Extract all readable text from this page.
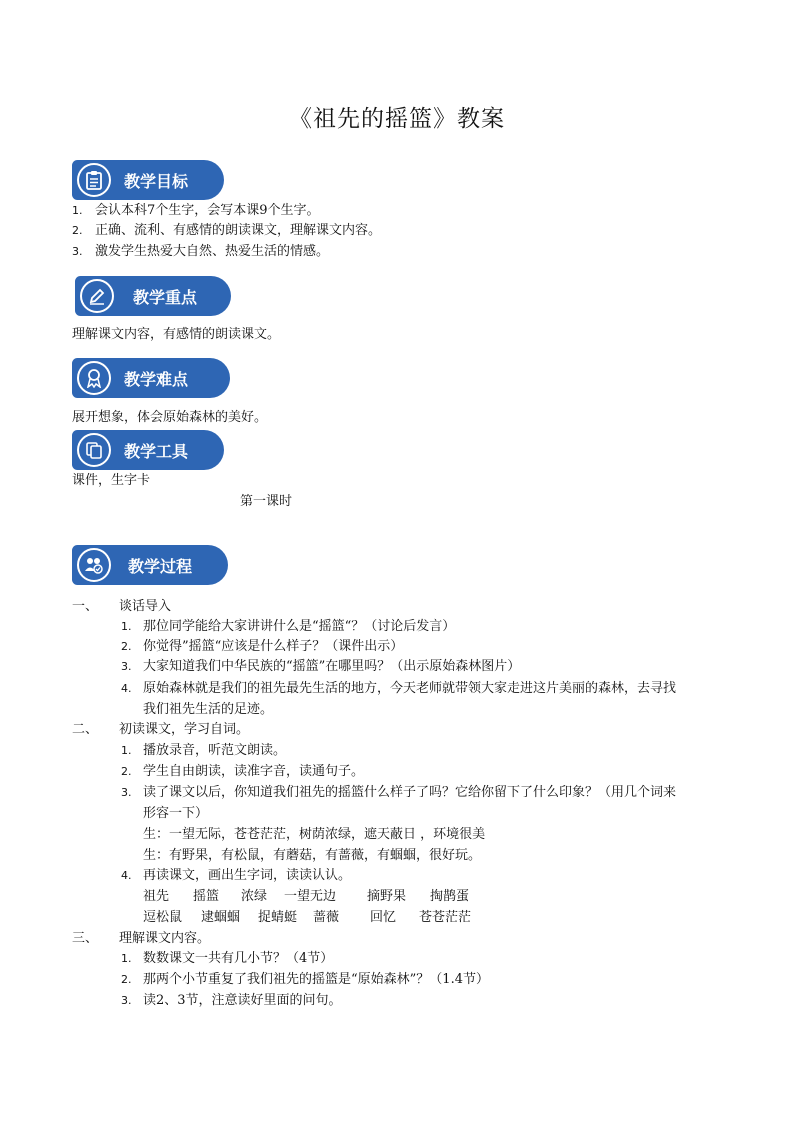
《祖先的摇篮》教案
教学目标
1. 会认本科7个生字，会写本课9个生字。
2. 正确、流利、有感情的朗读课文，理解课文内容。
3. 激发学生热爱大自然、热爱生活的情感。
教学重点
理解课文内容，有感情的朗读课文。
教学难点
展开想象，体会原始森林的美好。
教学工具
课件，生字卡
第一课时
教学过程
一、 谈话导入
1. 那位同学能给大家讲讲什么是“摇篮“？（讨论后发言）
2. 你觉得”摇篮“应该是什么样子？（课件出示）
3. 大家知道我们中华民族的“摇篮”在哪里吗？（出示原始森林图片）
4. 原始森林就是我们的祖先最先生活的地方，今天老师就带领大家走进这片美丽的森林，去寻找
我们祖先生活的足迹。
二、 初读课文，学习自词。
1. 播放录音，听范文朗读。
2. 学生自由朗读，读准字音，读通句子。
3. 读了课文以后，你知道我们祖先的摇篮什么样子了吗？它给你留下了什么印象？（用几个词来
形容一下）
生：一望无际，苍苍茫茫，树荫浓绿，遮天蔽日 ，环境很美
生：有野果，有松鼠，有蘑菇，有蔷薇，有蝈蝈，很好玩。
4. 再读课文，画出生字词，读读认认。
祖先 摇篮 浓绿 一望无边 摘野果 掏鹊蛋
逗松鼠 逮蝈蝈 捉蜻蜓 蔷薇 回忆 苍苍茫茫
三、 理解课文内容。
1. 数数课文一共有几小节？（4节）
2. 那两个小节重复了我们祖先的摇篮是“原始森林”？（1.4节）
3. 读2、3节，注意读好里面的问句。
